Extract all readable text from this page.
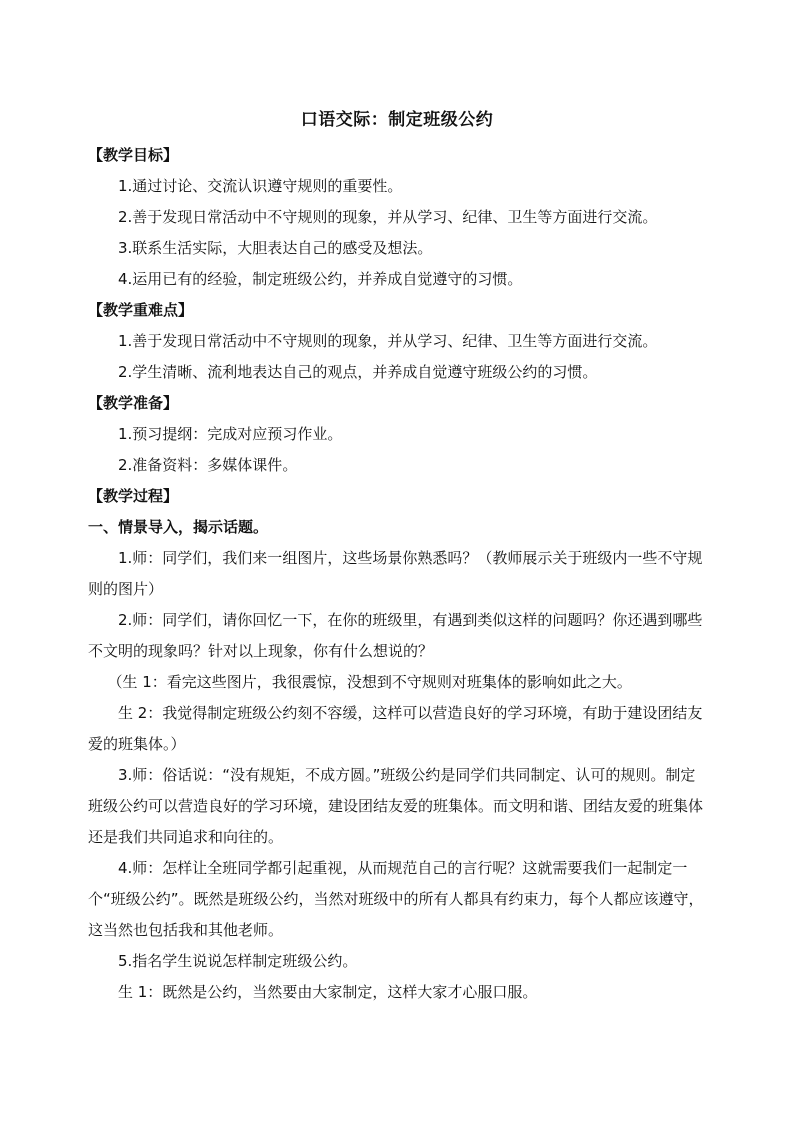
口语交际：制定班级公约

【教学目标】

1.通过讨论、交流认识遵守规则的重要性。

2.善于发现日常活动中不守规则的现象，并从学习、纪律、卫生等方面进行交流。

3.联系生活实际，大胆表达自己的感受及想法。

4.运用已有的经验，制定班级公约，并养成自觉遵守的习惯。

【教学重难点】

1.善于发现日常活动中不守规则的现象，并从学习、纪律、卫生等方面进行交流。

2.学生清晰、流利地表达自己的观点，并养成自觉遵守班级公约的习惯。

【教学准备】

1.预习提纲：完成对应预习作业。

2.准备资料：多媒体课件。

【教学过程】

一、情景导入，揭示话题。

1.师：同学们，我们来一组图片，这些场景你熟悉吗？（教师展示关于班级内一些不守规则的图片）

2.师：同学们，请你回忆一下，在你的班级里，有遇到类似这样的问题吗？你还遇到哪些不文明的现象吗？针对以上现象，你有什么想说的？

（生 1：看完这些图片，我很震惊，没想到不守规则对班集体的影响如此之大。

生 2：我觉得制定班级公约刻不容缓，这样可以营造良好的学习环境，有助于建设团结友爱的班集体。）

3.师：俗话说：“没有规矩，不成方圆。”班级公约是同学们共同制定、认可的规则。制定班级公约可以营造良好的学习环境，建设团结友爱的班集体。而文明和谐、团结友爱的班集体还是我们共同追求和向往的。

4.师：怎样让全班同学都引起重视，从而规范自己的言行呢？这就需要我们一起制定一个“班级公约”。既然是班级公约，当然对班级中的所有人都具有约束力，每个人都应该遵守，这当然也包括我和其他老师。

5.指名学生说说怎样制定班级公约。

生 1：既然是公约，当然要由大家制定，这样大家才心服口服。
